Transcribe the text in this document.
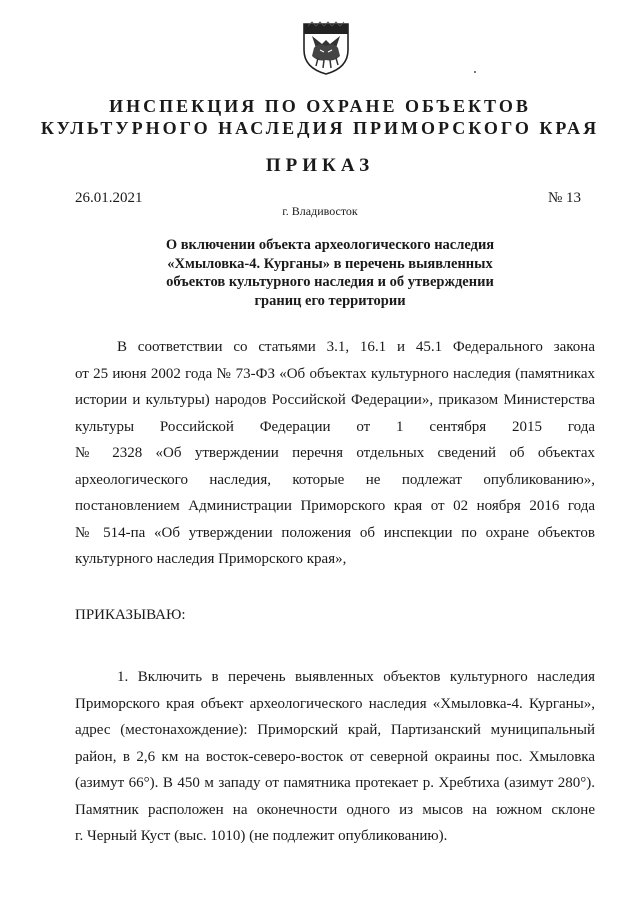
ИНСПЕКЦИЯ ПО ОХРАНЕ ОБЪЕКТОВ
КУЛЬТУРНОГО НАСЛЕДИЯ ПРИМОРСКОГО КРАЯ
ПРИКАЗ
26.01.2021	№ 13
г. Владивосток
О включении объекта археологического наследия
«Хмыловка-4. Курганы» в перечень выявленных
объектов культурного наследия и об утверждении
границ его территории
В соответствии со статьями 3.1, 16.1 и 45.1 Федерального закона
от 25 июня 2002 года № 73-ФЗ «Об объектах культурного наследия (памятниках
истории и культуры) народов Российской Федерации», приказом Министерства
культуры Российской Федерации от 1 сентября 2015 года
№ 2328 «Об утверждении перечня отдельных сведений об объектах
археологического наследия, которые не подлежат опубликованию»,
постановлением Администрации Приморского края от 02 ноября 2016 года
№ 514-па «Об утверждении положения об инспекции по охране объектов
культурного наследия Приморского края»,
ПРИКАЗЫВАЮ:
1. Включить в перечень выявленных объектов культурного наследия
Приморского края объект археологического наследия «Хмыловка-4. Курганы»,
адрес (местонахождение): Приморский край, Партизанский муниципальный
район, в 2,6 км на восток-северо-восток от северной окраины пос. Хмыловка
(азимут 66°). В 450 м западу от памятника протекает р. Хребтиха (азимут 280°).
Памятник расположен на оконечности одного из мысов на южном склоне
г. Черный Куст (выс. 1010) (не подлежит опубликованию).
